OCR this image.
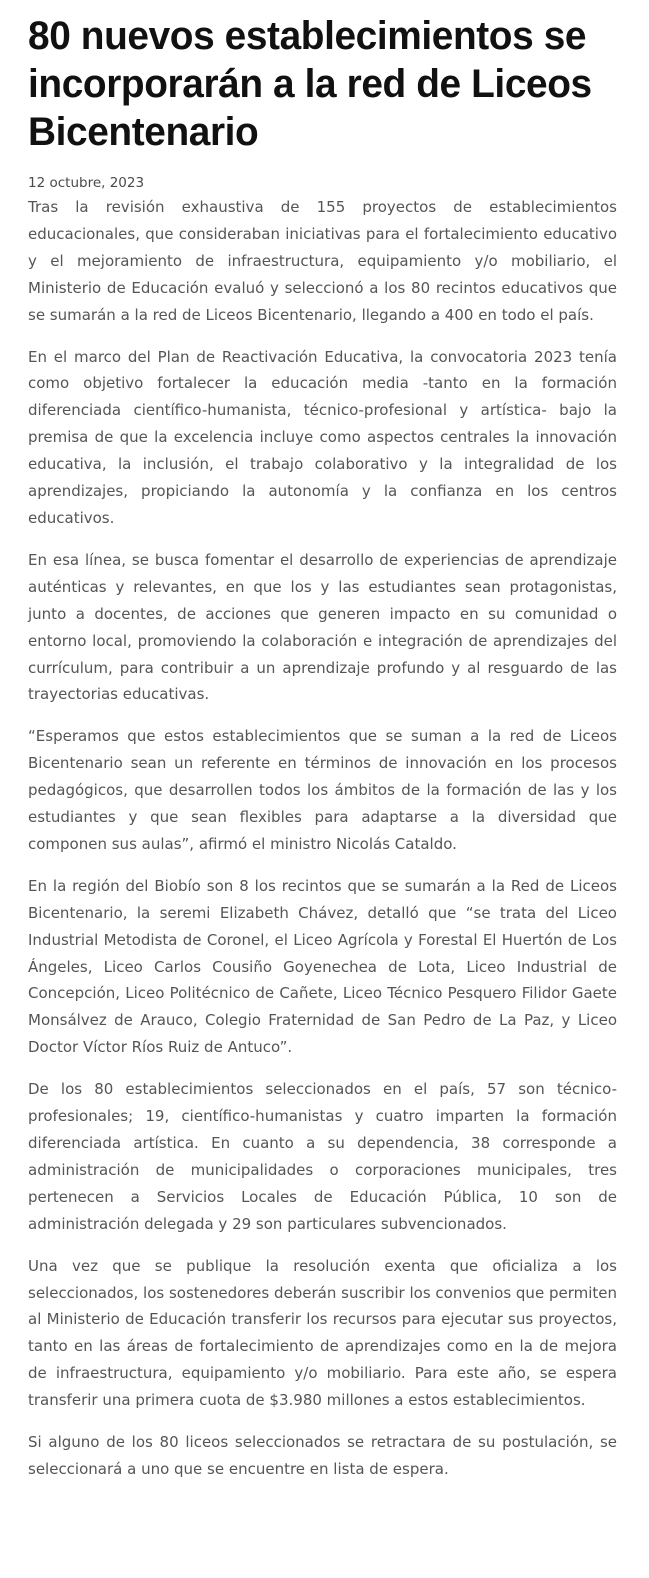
80 nuevos establecimientos se incorporarán a la red de Liceos Bicentenario
12 octubre, 2023

Tras la revisión exhaustiva de 155 proyectos de establecimientos educacionales, que consideraban iniciativas para el fortalecimiento educativo y el mejoramiento de infraestructura, equipamiento y/o mobiliario, el Ministerio de Educación evaluó y seleccionó a los 80 recintos educativos que se sumarán a la red de Liceos Bicentenario, llegando a 400 en todo el país.

En el marco del Plan de Reactivación Educativa, la convocatoria 2023 tenía como objetivo fortalecer la educación media -tanto en la formación diferenciada científico-humanista, técnico-profesional y artística- bajo la premisa de que la excelencia incluye como aspectos centrales la innovación educativa, la inclusión, el trabajo colaborativo y la integralidad de los aprendizajes, propiciando la autonomía y la confianza en los centros educativos.

En esa línea, se busca fomentar el desarrollo de experiencias de aprendizaje auténticas y relevantes, en que los y las estudiantes sean protagonistas, junto a docentes, de acciones que generen impacto en su comunidad o entorno local, promoviendo la colaboración e integración de aprendizajes del currículum, para contribuir a un aprendizaje profundo y al resguardo de las trayectorias educativas.

“Esperamos que estos establecimientos que se suman a la red de Liceos Bicentenario sean un referente en términos de innovación en los procesos pedagógicos, que desarrollen todos los ámbitos de la formación de las y los estudiantes y que sean flexibles para adaptarse a la diversidad que componen sus aulas”, afirmó el ministro Nicolás Cataldo.

En la región del Biobío son 8 los recintos que se sumarán a la Red de Liceos Bicentenario, la seremi Elizabeth Chávez, detalló que “se trata del Liceo Industrial Metodista de Coronel, el Liceo Agrícola y Forestal El Huertón de Los Ángeles, Liceo Carlos Cousiño Goyenechea de Lota, Liceo Industrial de Concepción, Liceo Politécnico de Cañete, Liceo Técnico Pesquero Filidor Gaete Monsálvez de Arauco, Colegio Fraternidad de San Pedro de La Paz, y Liceo Doctor Víctor Ríos Ruiz de Antuco”.

De los 80 establecimientos seleccionados en el país, 57 son técnico-profesionales; 19, científico-humanistas y cuatro imparten la formación diferenciada artística. En cuanto a su dependencia, 38 corresponde a administración de municipalidades o corporaciones municipales, tres pertenecen a Servicios Locales de Educación Pública, 10 son de administración delegada y 29 son particulares subvencionados.

Una vez que se publique la resolución exenta que oficializa a los seleccionados, los sostenedores deberán suscribir los convenios que permiten al Ministerio de Educación transferir los recursos para ejecutar sus proyectos, tanto en las áreas de fortalecimiento de aprendizajes como en la de mejora de infraestructura, equipamiento y/o mobiliario. Para este año, se espera transferir una primera cuota de $3.980 millones a estos establecimientos.

Si alguno de los 80 liceos seleccionados se retractara de su postulación, se seleccionará a uno que se encuentre en lista de espera.
